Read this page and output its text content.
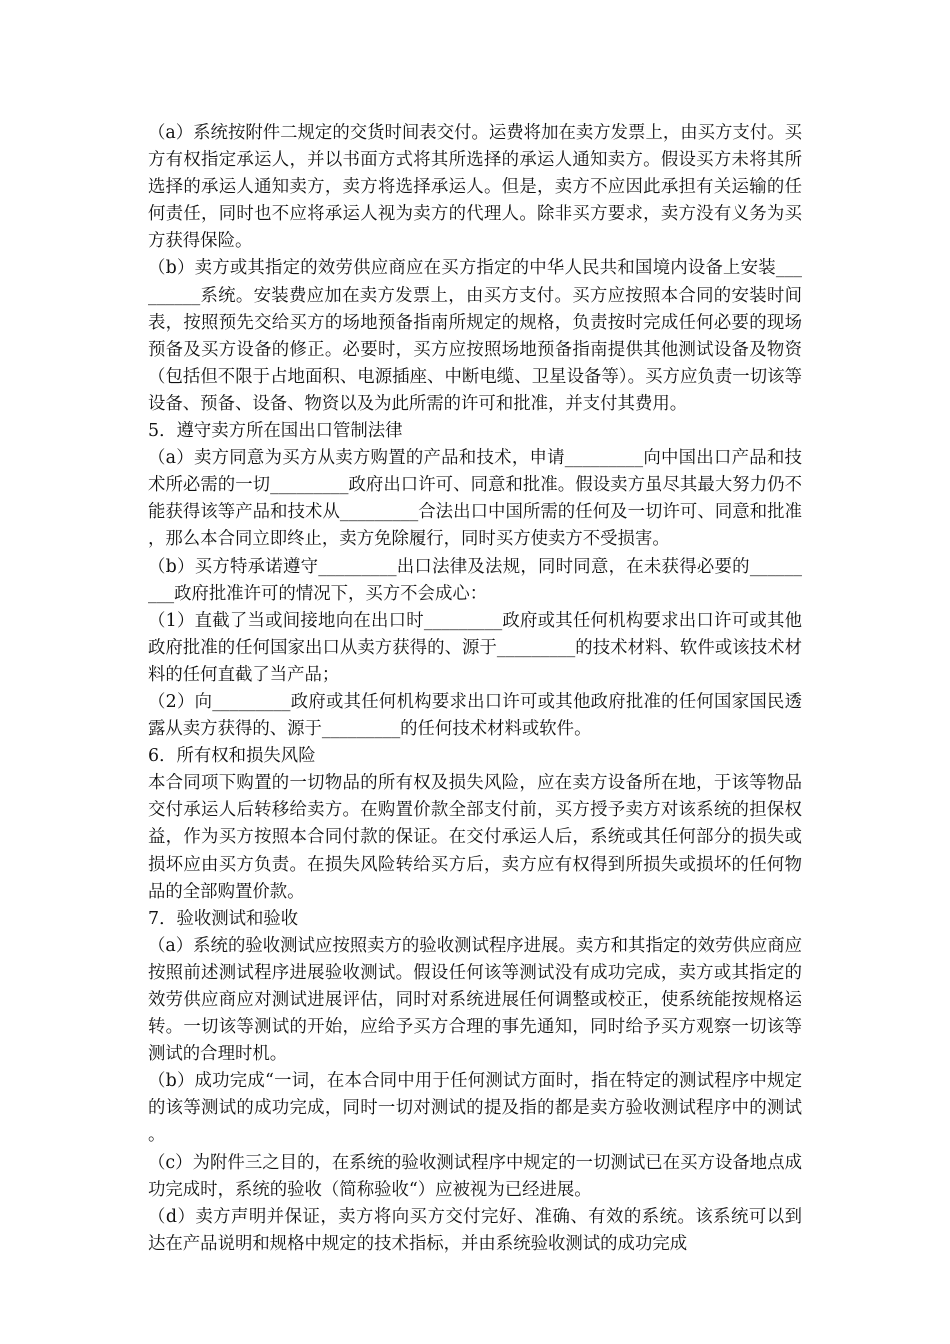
（a）系统按附件二规定的交货时间表交付。运费将加在卖方发票上，由买方支付。买方有权指定承运人，并以书面方式将其所选择的承运人通知卖方。假设买方未将其所选择的承运人通知卖方，卖方将选择承运人。但是，卖方不应因此承担有关运输的任何责任，同时也不应将承运人视为卖方的代理人。除非买方要求，卖方没有义务为买方获得保险。

（b）卖方或其指定的效劳供应商应在买方指定的中华人民共和国境内设备上安装_________系统。安装费应加在卖方发票上，由买方支付。买方应按照本合同的安装时间表，按照预先交给买方的场地预备指南所规定的规格，负责按时完成任何必要的现场预备及买方设备的修正。必要时，买方应按照场地预备指南提供其他测试设备及物资（包括但不限于占地面积、电源插座、中断电缆、卫星设备等）。买方应负责一切该等设备、预备、设备、物资以及为此所需的许可和批准，并支付其费用。

5．遵守卖方所在国出口管制法律

（a）卖方同意为买方从卖方购置的产品和技术，申请_________向中国出口产品和技术所必需的一切_________政府出口许可、同意和批准。假设卖方虽尽其最大努力仍不能获得该等产品和技术从_________合法出口中国所需的任何及一切许可、同意和批准，那么本合同立即终止，卖方免除履行，同时买方使卖方不受损害。

（b）买方特承诺遵守_________出口法律及法规，同时同意，在未获得必要的_________政府批准许可的情况下，买方不会成心：

（1）直截了当或间接地向在出口时_________政府或其任何机构要求出口许可或其他政府批准的任何国家出口从卖方获得的、源于_________的技术材料、软件或该技术材料的任何直截了当产品；

（2）向_________政府或其任何机构要求出口许可或其他政府批准的任何国家国民透露从卖方获得的、源于_________的任何技术材料或软件。

6．所有权和损失风险

本合同项下购置的一切物品的所有权及损失风险，应在卖方设备所在地，于该等物品交付承运人后转移给卖方。在购置价款全部支付前，买方授予卖方对该系统的担保权益，作为买方按照本合同付款的保证。在交付承运人后，系统或其任何部分的损失或损坏应由买方负责。在损失风险转给买方后，卖方应有权得到所损失或损坏的任何物品的全部购置价款。

7．验收测试和验收

（a）系统的验收测试应按照卖方的验收测试程序进展。卖方和其指定的效劳供应商应按照前述测试程序进展验收测试。假设任何该等测试没有成功完成，卖方或其指定的效劳供应商应对测试进展评估，同时对系统进展任何调整或校正，使系统能按规格运转。一切该等测试的开始，应给予买方合理的事先通知，同时给予买方观察一切该等测试的合理时机。

（b）成功完成“一词，在本合同中用于任何测试方面时，指在特定的测试程序中规定的该等测试的成功完成，同时一切对测试的提及指的都是卖方验收测试程序中的测试。

（c）为附件三之目的，在系统的验收测试程序中规定的一切测试已在买方设备地点成功完成时，系统的验收（简称验收“）应被视为已经进展。

（d）卖方声明并保证，卖方将向买方交付完好、准确、有效的系统。该系统可以到达在产品说明和规格中规定的技术指标，并由系统验收测试的成功完成
